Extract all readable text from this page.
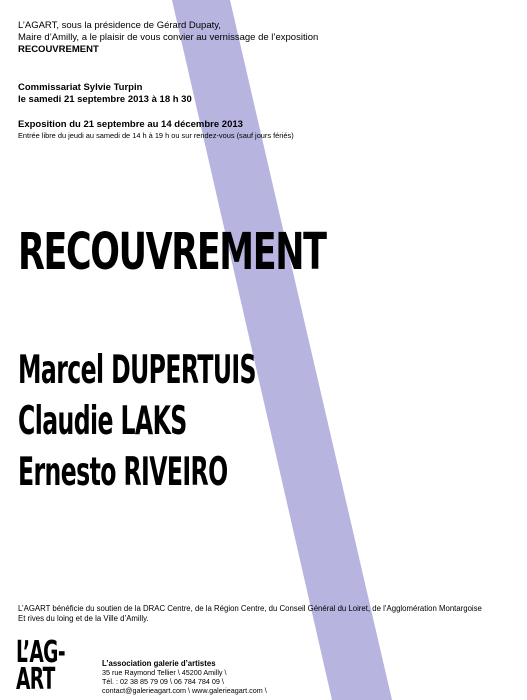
L’AGART, sous la présidence de Gérard Dupaty,
Maire d’Amilly, a le plaisir de vous convier au vernissage de l’exposition
RECOUVREMENT
Commissariat Sylvie Turpin
le samedi 21 septembre 2013 à 18 h 30
Exposition du 21 septembre au 14 décembre 2013
Entrée libre du jeudi au samedi de 14 h à 19 h ou sur rendez-vous (sauf jours fériés)
RECOUVREMENT
Marcel DUPERTUIS
Claudie LAKS
Ernesto RIVEIRO
L’AGART bénéficie du soutien de la DRAC Centre, de la Région Centre, du Conseil Général du Loiret, de l’Agglomération Montargoise
Et rives du loing et de la Ville d’Amilly.
L’AG-
ART	L’association galerie d’artistes
35 rue Raymond Tellier \ 45200 Amilly \
Tél. : 02 38 85 79 09 \ 06 784 784 09 \
contact@galerieagart.com \ www.galerieagart.com \
